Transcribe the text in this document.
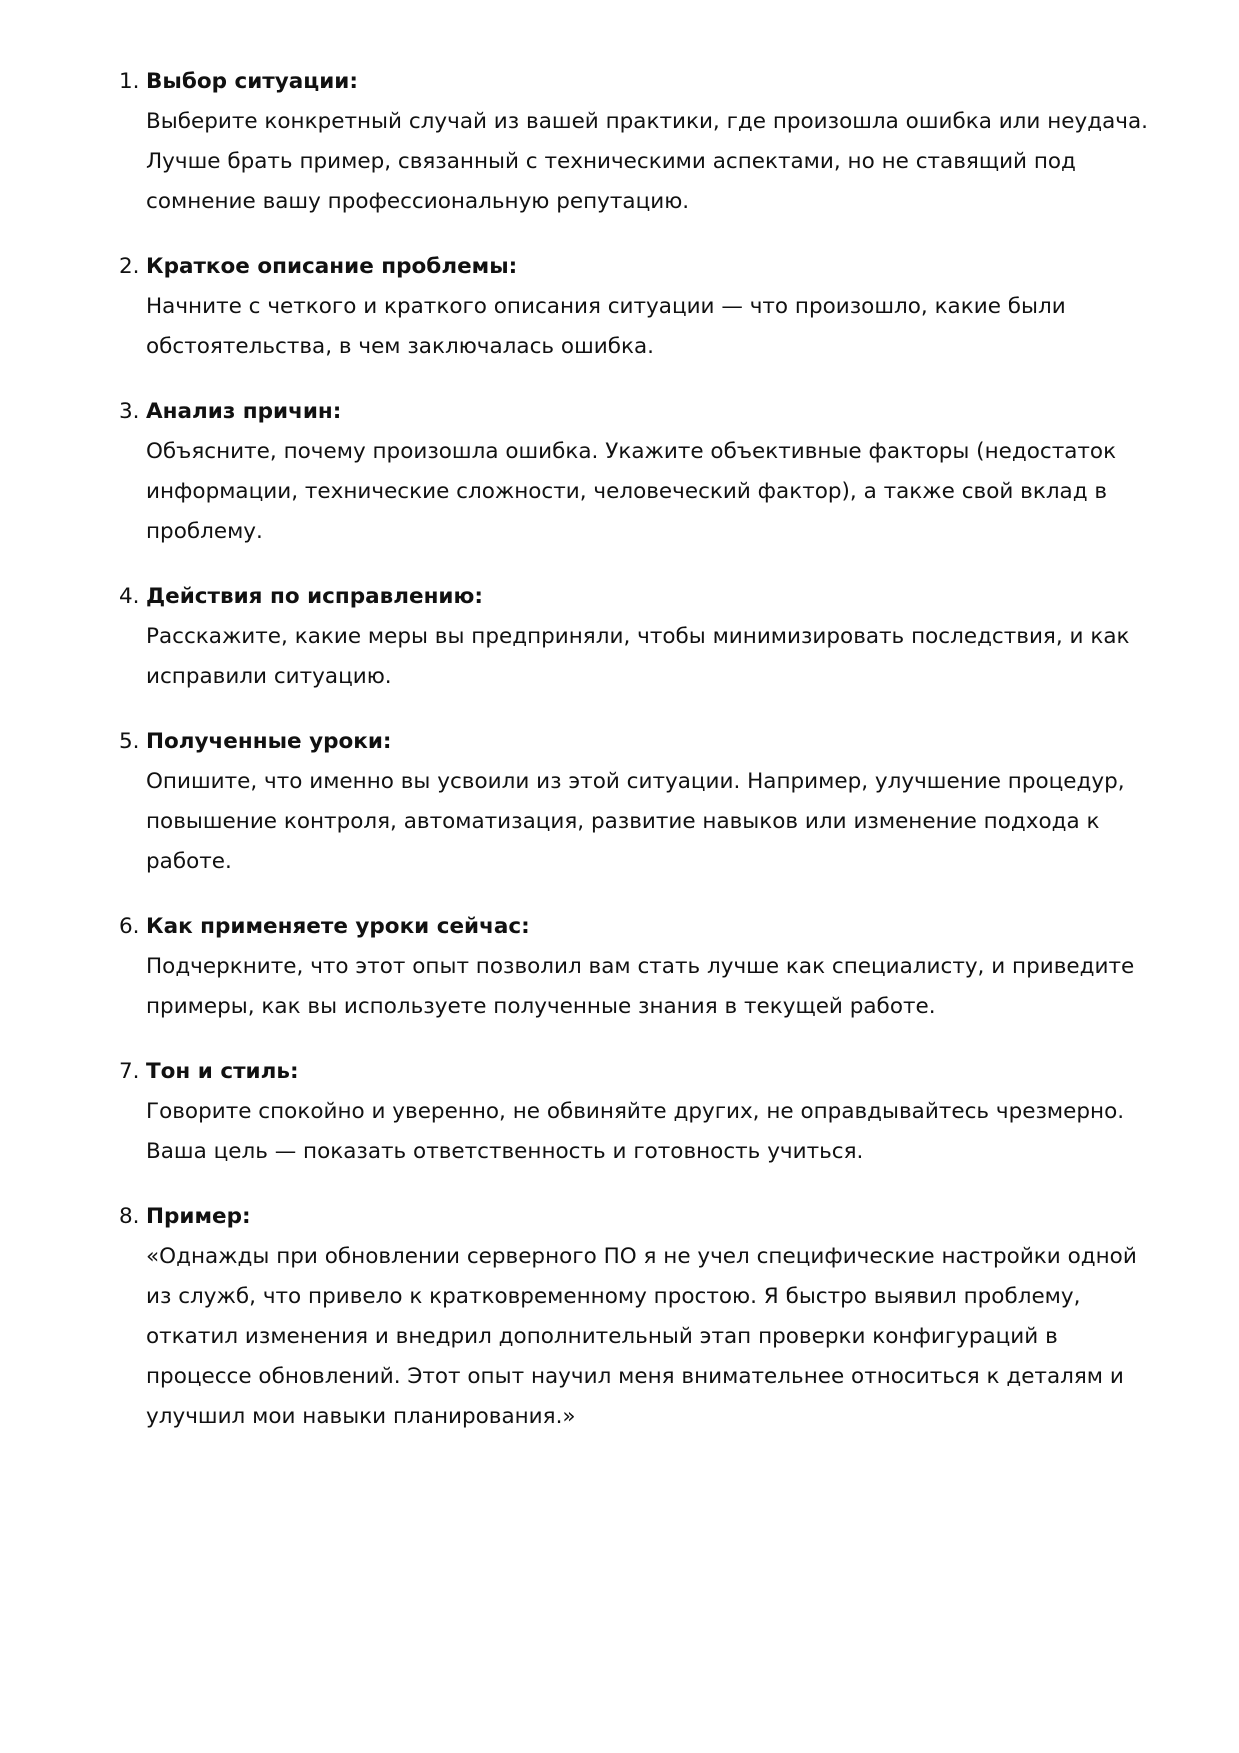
1. Выбор ситуации:
Выберите конкретный случай из вашей практики, где произошла ошибка или неудача.
Лучше брать пример, связанный с техническими аспектами, но не ставящий под
сомнение вашу профессиональную репутацию.
2. Краткое описание проблемы:
Начните с четкого и краткого описания ситуации — что произошло, какие были
обстоятельства, в чем заключалась ошибка.
3. Анализ причин:
Объясните, почему произошла ошибка. Укажите объективные факторы (недостаток
информации, технические сложности, человеческий фактор), а также свой вклад в
проблему.
4. Действия по исправлению:
Расскажите, какие меры вы предприняли, чтобы минимизировать последствия, и как
исправили ситуацию.
5. Полученные уроки:
Опишите, что именно вы усвоили из этой ситуации. Например, улучшение процедур,
повышение контроля, автоматизация, развитие навыков или изменение подхода к
работе.
6. Как применяете уроки сейчас:
Подчеркните, что этот опыт позволил вам стать лучше как специалисту, и приведите
примеры, как вы используете полученные знания в текущей работе.
7. Тон и стиль:
Говорите спокойно и уверенно, не обвиняйте других, не оправдывайтесь чрезмерно.
Ваша цель — показать ответственность и готовность учиться.
8. Пример:
«Однажды при обновлении серверного ПО я не учел специфические настройки одной
из служб, что привело к кратковременному простою. Я быстро выявил проблему,
откатил изменения и внедрил дополнительный этап проверки конфигураций в
процессе обновлений. Этот опыт научил меня внимательнее относиться к деталям и
улучшил мои навыки планирования.»
